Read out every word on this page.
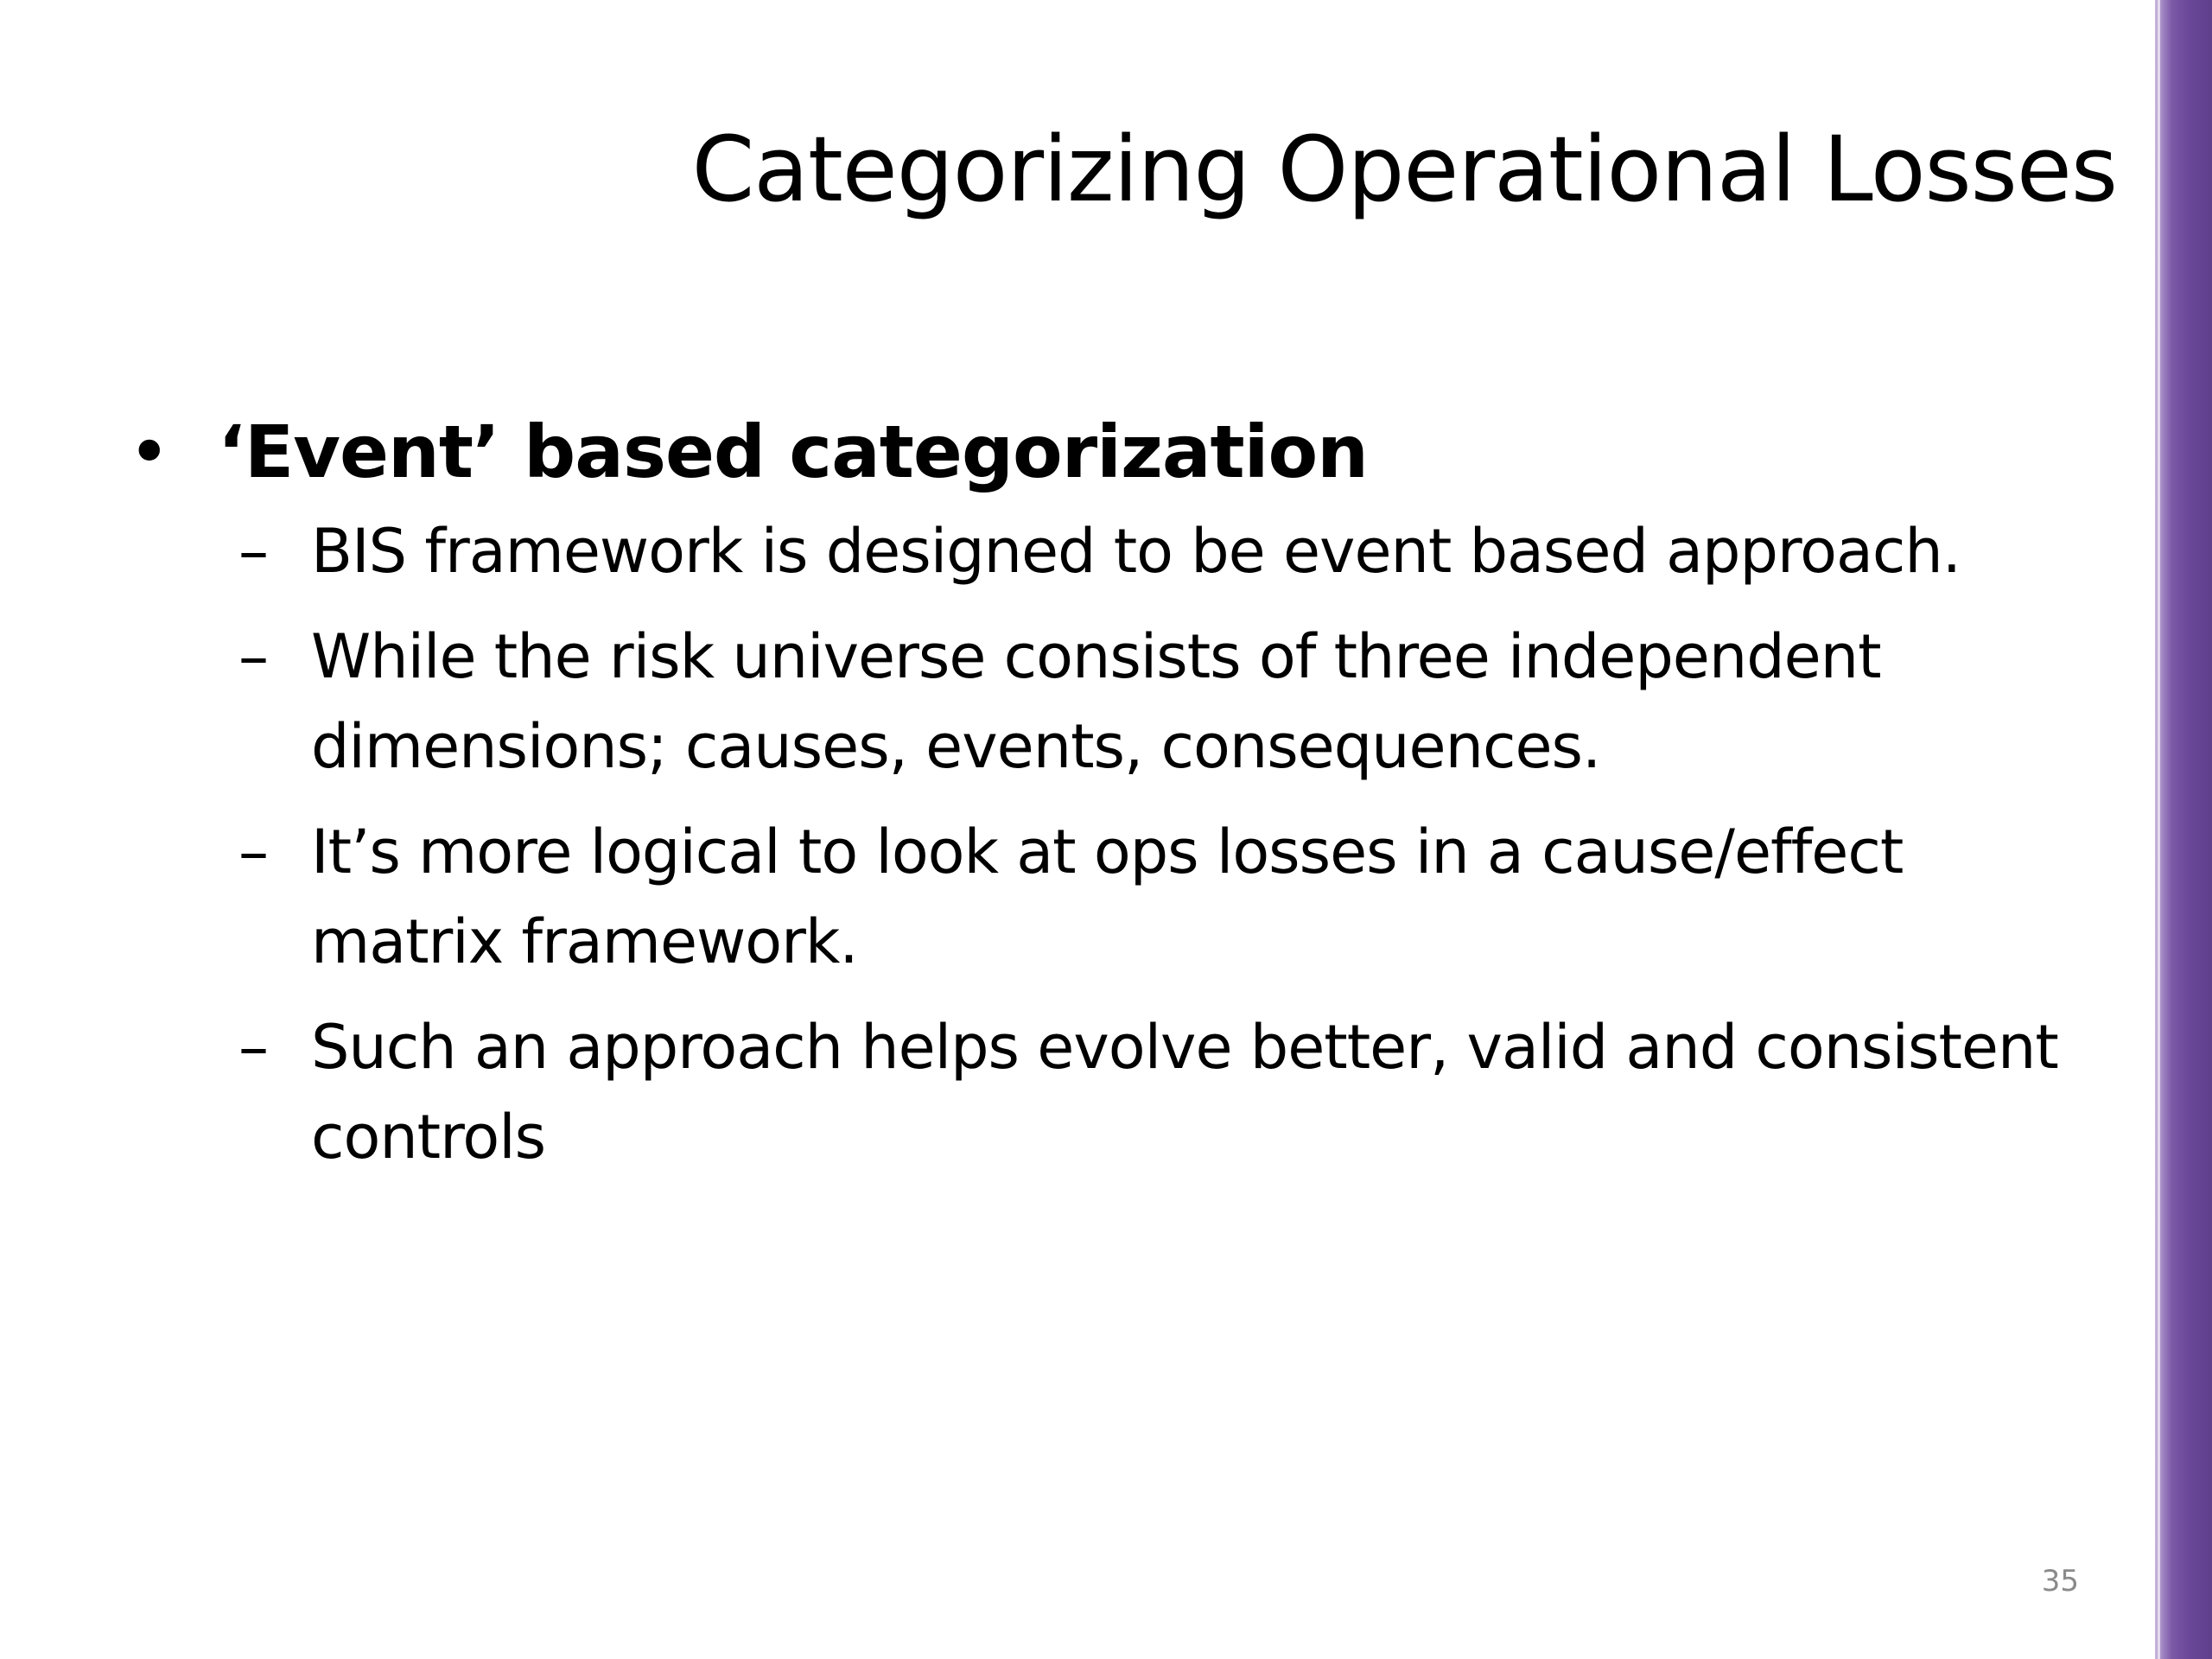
Categorizing Operational Losses
• ‘Event’ based categorization
– BIS framework is designed to be event based approach.
– While the risk universe consists of three independent dimensions; causes, events, consequences.
– It’s more logical to look at ops losses in a cause/effect matrix framework.
– Such an approach helps evolve better, valid and consistent controls
35
